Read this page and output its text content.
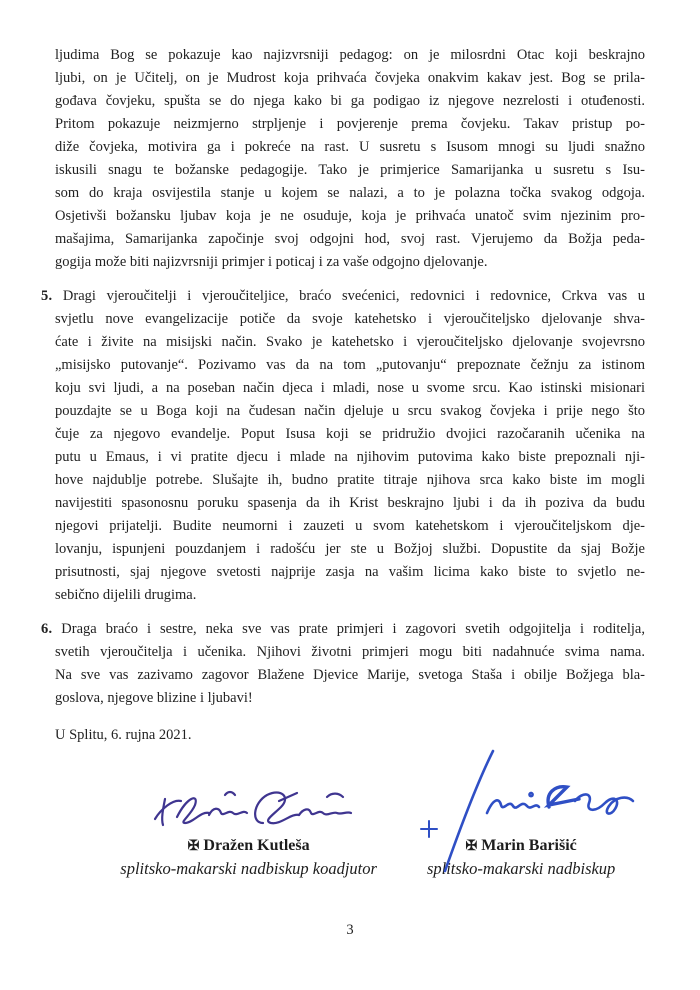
ljudima Bog se pokazuje kao najizvrsniji pedagog: on je milosrdni Otac koji beskrajno
ljubi, on je Učitelj, on je Mudrost koja prihvaća čovjeka onakvim kakav jest. Bog se prila-
gođava čovjeku, spušta se do njega kako bi ga podigao iz njegove nezrelosti i otuđenosti.
Pritom pokazuje neizmjerno strpljenje i povjerenje prema čovjeku. Takav pristup po-
diže čovjeka, motivira ga i pokreće na rast. U susretu s Isusom mnogi su ljudi snažno
iskusili snagu te božanske pedagogije. Tako je primjerice Samarijanka u susretu s Isu-
som do kraja osvijestila stanje u kojem se nalazi, a to je polazna točka svakog odgoja.
Osjetivši božansku ljubav koja je ne osuduje, koja je prihvaća unatoč svim njezinim pro-
mašajima, Samarijanka započinje svoj odgojni hod, svoj rast. Vjerujemo da Božja peda-
gogija može biti najizvrsniji primjer i poticaj i za vaše odgojno djelovanje.
5. Dragi vjeroučitelji i vjeroučiteljice, braćo svećenici, redovnici i redovnice, Crkva vas u
svjetlu nove evangelizacije potiče da svoje katehetsko i vjeroučiteljsko djelovanje shva-
ćate i živite na misijski način. Svako je katehetsko i vjeroučiteljsko djelovanje svojevrsno
„misijsko putovanje“. Pozivamo vas da na tom „putovanju“ prepoznate čežnju za istinom
koju svi ljudi, a na poseban način djeca i mladi, nose u svome srcu. Kao istinski misionari
pouzdajte se u Boga koji na čudesan način djeluje u srcu svakog čovjeka i prije nego što
čuje za njegovo evandelje. Poput Isusa koji se pridružio dvojici razočaranih učenika na
putu u Emaus, i vi pratite djecu i mlade na njihovim putovima kako biste prepoznali nji-
hove najdublje potrebe. Slušajte ih, budno pratite titraje njihova srca kako biste im mogli
navijestiti spasonosnu poruku spasenja da ih Krist beskrajno ljubi i da ih poziva da budu
njegovi prijatelji. Budite neumorni i zauzeti u svom katehetskom i vjeroučiteljskom dje-
lovanju, ispunjeni pouzdanjem i radošću jer ste u Božjoj službi. Dopustite da sjaj Božje
prisutnosti, sjaj njegove svetosti najprije zasja na vašim licima kako biste to svjetlo ne-
sebično dijelili drugima.
6. Draga braćo i sestre, neka sve vas prate primjeri i zagovori svetih odgojitelja i roditelja,
svetih vjeroučitelja i učenika. Njihovi životni primjeri mogu biti nadahnuće svima nama.
Na sve vas zazivamo zagovor Blažene Djevice Marije, svetoga Staša i obilje Božjega bla-
goslova, njegove blizine i ljubavi!
U Splitu, 6. rujna 2021.
✠ Dražen Kutleša
splitsko-makarski nadbiskup koadjutor
✠ Marin Barišić
splitsko-makarski nadbiskup
3
